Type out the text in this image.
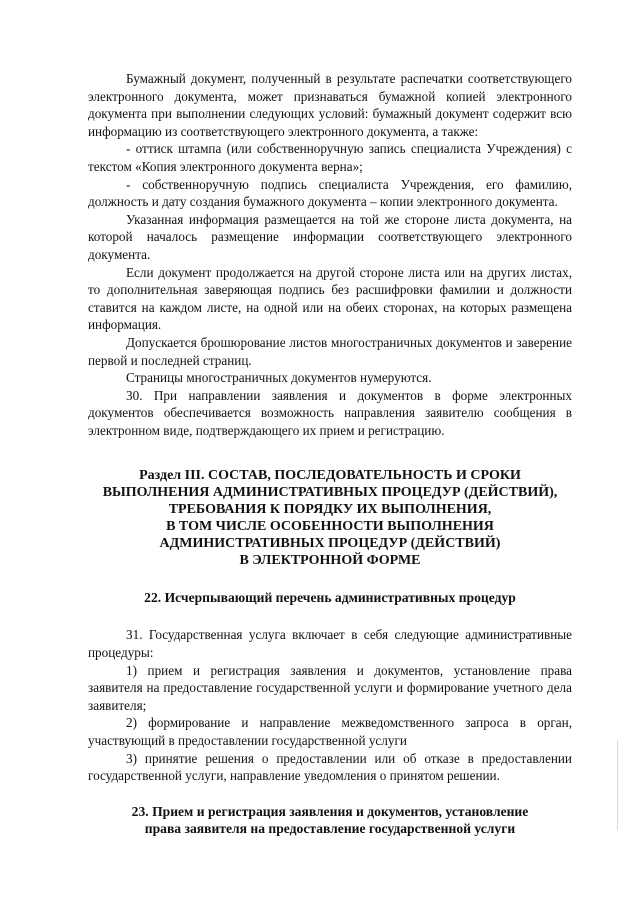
Бумажный документ, полученный в результате распечатки соответствующего электронного документа, может признаваться бумажной копией электронного документа при выполнении следующих условий: бумажный документ содержит всю информацию из соответствующего электронного документа, а также:

- оттиск штампа (или собственноручную запись специалиста Учреждения) с текстом «Копия электронного документа верна»;

- собственноручную подпись специалиста Учреждения, его фамилию, должность и дату создания бумажного документа – копии электронного документа.

Указанная информация размещается на той же стороне листа документа, на которой началось размещение информации соответствующего электронного документа.

Если документ продолжается на другой стороне листа или на других листах, то дополнительная заверяющая подпись без расшифровки фамилии и должности ставится на каждом листе, на одной или на обеих сторонах, на которых размещена информация.

Допускается брошюрование листов многостраничных документов и заверение первой и последней страниц.

Страницы многостраничных документов нумеруются.

30. При направлении заявления и документов в форме электронных документов обеспечивается возможность направления заявителю сообщения в электронном виде, подтверждающего их прием и регистрацию.

Раздел III. СОСТАВ, ПОСЛЕДОВАТЕЛЬНОСТЬ И СРОКИ
ВЫПОЛНЕНИЯ АДМИНИСТРАТИВНЫХ ПРОЦЕДУР (ДЕЙСТВИЙ),
ТРЕБОВАНИЯ К ПОРЯДКУ ИХ ВЫПОЛНЕНИЯ,
В ТОМ ЧИСЛЕ ОСОБЕННОСТИ ВЫПОЛНЕНИЯ
АДМИНИСТРАТИВНЫХ ПРОЦЕДУР (ДЕЙСТВИЙ)
В ЭЛЕКТРОННОЙ ФОРМЕ
22. Исчерпывающий перечень административных процедур

31. Государственная услуга включает в себя следующие административные процедуры:

1) прием и регистрация заявления и документов, установление права заявителя на предоставление государственной услуги и формирование учетного дела заявителя;

2) формирование и направление межведомственного запроса в орган, участвующий в предоставлении государственной услуги

3) принятие решения о предоставлении или об отказе в предоставлении государственной услуги, направление уведомления о принятом решении.

23. Прием и регистрация заявления и документов, установление
права заявителя на предоставление государственной услуги
